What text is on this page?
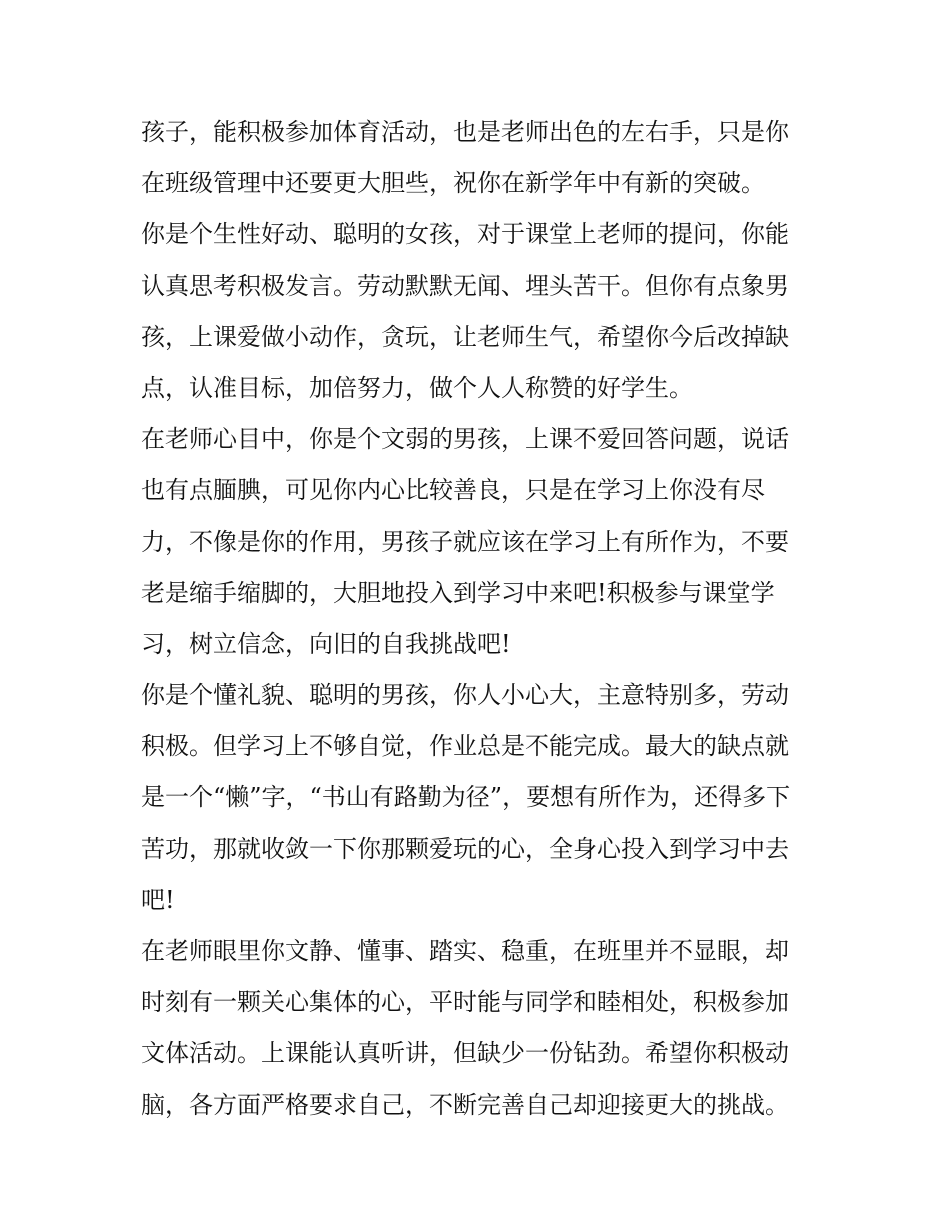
孩子，能积极参加体育活动，也是老师出色的左右手，只是你
在班级管理中还要更大胆些，祝你在新学年中有新的突破。
你是个生性好动、聪明的女孩，对于课堂上老师的提问，你能
认真思考积极发言。劳动默默无闻、埋头苦干。但你有点象男
孩，上课爱做小动作，贪玩，让老师生气，希望你今后改掉缺
点，认准目标，加倍努力，做个人人称赞的好学生。
在老师心目中，你是个文弱的男孩，上课不爱回答问题，说话
也有点腼腆，可见你内心比较善良，只是在学习上你没有尽
力，不像是你的作用，男孩子就应该在学习上有所作为，不要
老是缩手缩脚的，大胆地投入到学习中来吧!积极参与课堂学
习，树立信念，向旧的自我挑战吧!
你是个懂礼貌、聪明的男孩，你人小心大，主意特别多，劳动
积极。但学习上不够自觉，作业总是不能完成。最大的缺点就
是一个“懒”字，“书山有路勤为径”，要想有所作为，还得多下
苦功，那就收敛一下你那颗爱玩的心，全身心投入到学习中去
吧!
在老师眼里你文静、懂事、踏实、稳重，在班里并不显眼，却
时刻有一颗关心集体的心，平时能与同学和睦相处，积极参加
文体活动。上课能认真听讲，但缺少一份钻劲。希望你积极动
脑，各方面严格要求自己，不断完善自己却迎接更大的挑战。
